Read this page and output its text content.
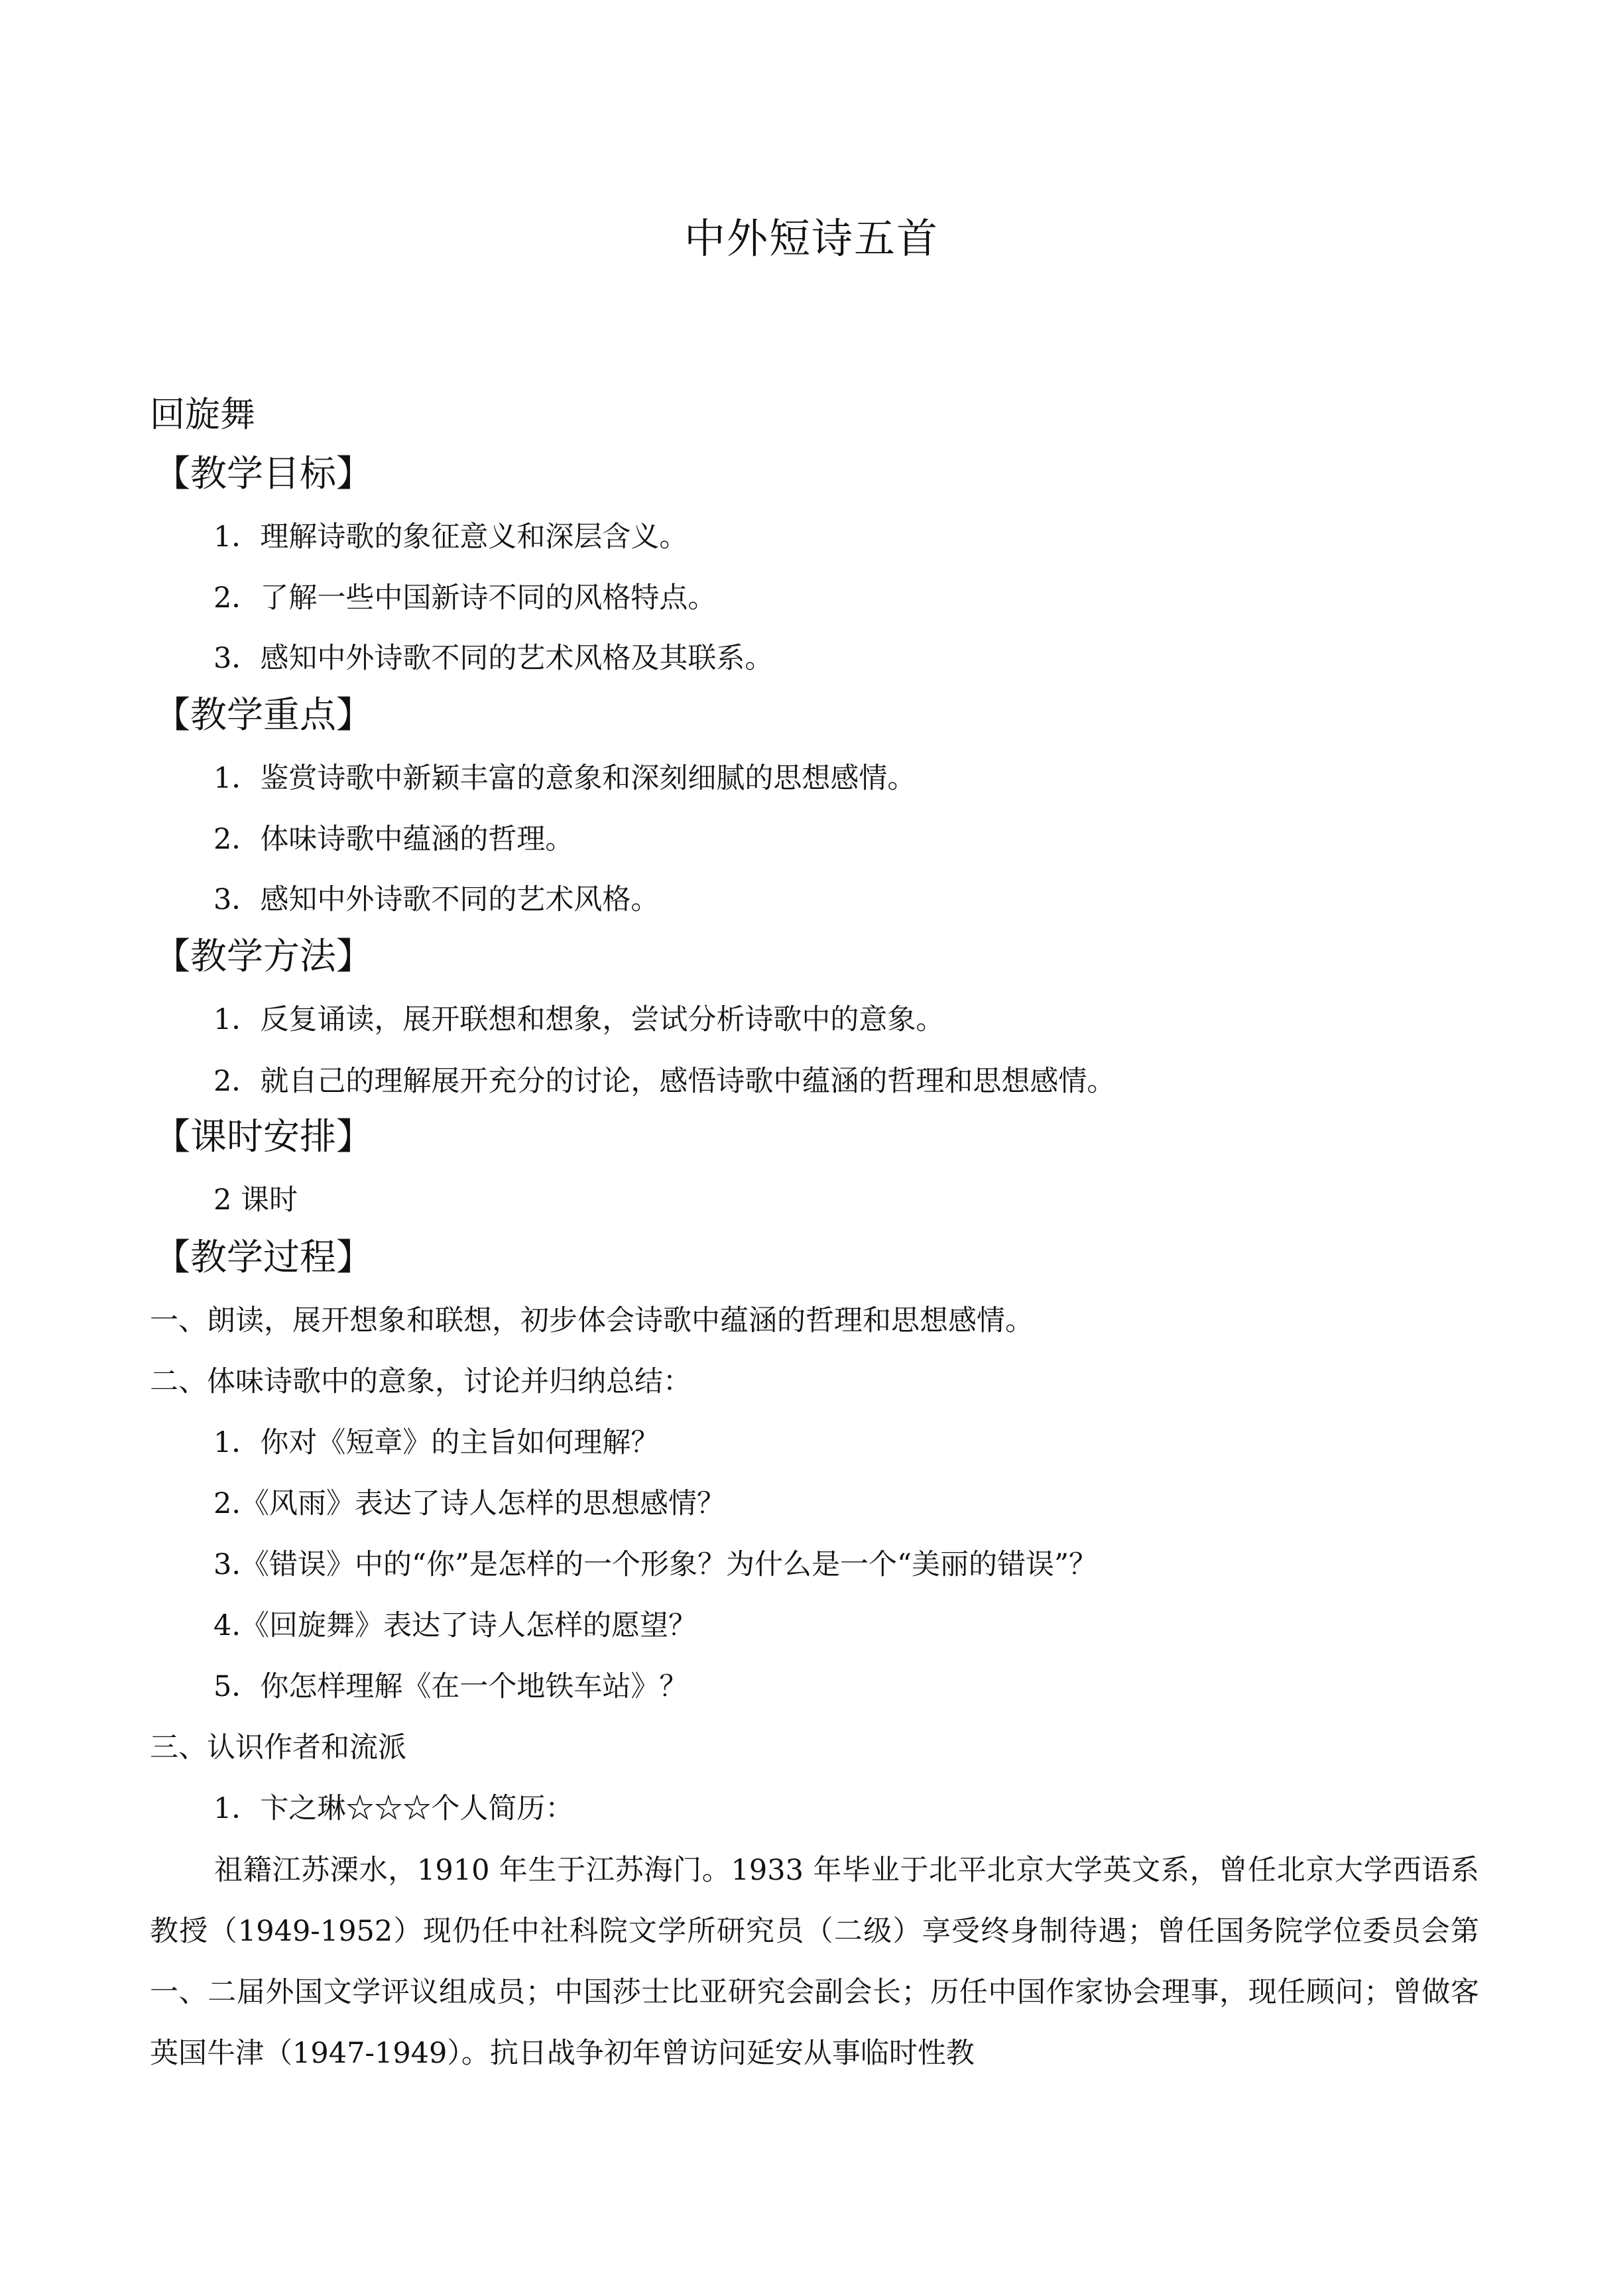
中外短诗五首
回旋舞
【教学目标】
1．理解诗歌的象征意义和深层含义。
2．了解一些中国新诗不同的风格特点。
3．感知中外诗歌不同的艺术风格及其联系。
【教学重点】
1．鉴赏诗歌中新颖丰富的意象和深刻细腻的思想感情。
2．体味诗歌中蕴涵的哲理。
3．感知中外诗歌不同的艺术风格。
【教学方法】
1．反复诵读，展开联想和想象，尝试分析诗歌中的意象。
2．就自己的理解展开充分的讨论，感悟诗歌中蕴涵的哲理和思想感情。
【课时安排】
2 课时
【教学过程】
一、朗读，展开想象和联想，初步体会诗歌中蕴涵的哲理和思想感情。
二、体味诗歌中的意象，讨论并归纳总结：
1．你对《短章》的主旨如何理解？
2.《风雨》表达了诗人怎样的思想感情？
3.《错误》中的“你”是怎样的一个形象？为什么是一个“美丽的错误”？
4.《回旋舞》表达了诗人怎样的愿望？
5．你怎样理解《在一个地铁车站》？
三、认识作者和流派
1．卞之琳☆☆☆个人简历：
祖籍江苏溧水，1910 年生于江苏海门。1933 年毕业于北平北京大学英文系，曾任北京大学西语系教授（1949-1952）现仍任中社科院文学所研究员（二级）享受终身制待遇；曾任国务院学位委员会第一、二届外国文学评议组成员；中国莎士比亚研究会副会长；历任中国作家协会理事，现任顾问；曾做客英国牛津（1947-1949）。抗日战争初年曾访问延安从事临时性教
